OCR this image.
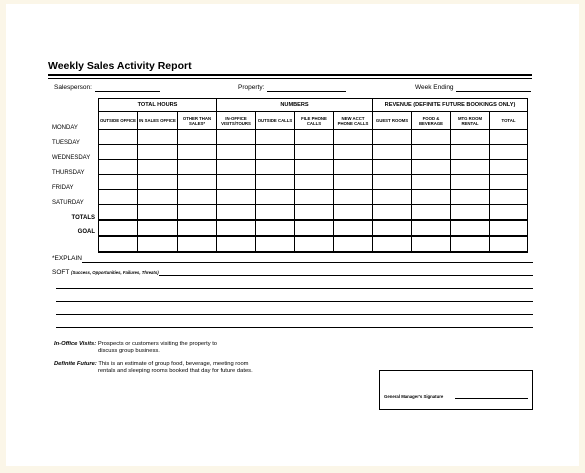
Weekly Sales Activity Report
Salesperson:	Property:	Week Ending
TOTAL HOURS			NUMBERS				REVENUE (DEFINITE FUTURE BOOKINGS ONLY)			
OUTSIDE OFFICE	IN SALES OFFICE	OTHER THAN SALES*	IN-OFFICE VISITS/TOURS	OUTSIDE CALLS	FILE PHONE CALLS	NEW ACCT PHONE CALLS	GUEST ROOMS	FOOD & BEVERAGE	MTG ROOM RENTAL	TOTAL

MONDAY
TUESDAY
WEDNESDAY
THURSDAY
FRIDAY
SATURDAY
TOTALS
GOAL
*EXPLAIN
SOFT (Success, Opportunities, Failures, Threats)
In-Office Visits: Prospects or customers visiting the property to
discuss group business.
Definite Future: This is an estimate of group food, beverage, meeting room
rentals and sleeping rooms booked that day for future dates.
General Manager's Signature
